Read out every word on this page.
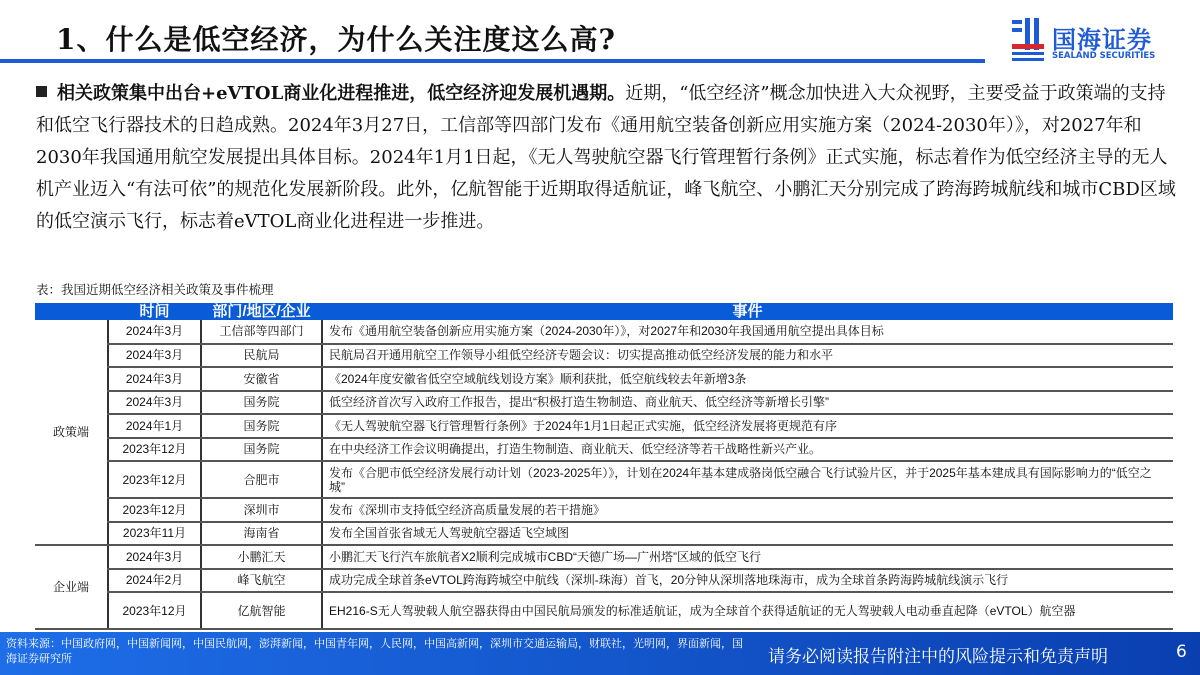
1、什么是低空经济，为什么关注度这么高?	国海证券
SEALAND SECURITIES
相关政策集中出台+eVTOL商业化进程推进，低空经济迎发展机遇期。近期，“低空经济”概念加快进入大众视野，主要受益于政策端的支持和低空飞行器技术的日趋成熟。2024年3月27日，工信部等四部门发布《通用航空装备创新应用实施方案（2024-2030年）》，对2027年和2030年我国通用航空发展提出具体目标。2024年1月1日起，《无人驾驶航空器飞行管理暂行条例》正式实施，标志着作为低空经济主导的无人机产业迈入“有法可依”的规范化发展新阶段。此外，亿航智能于近期取得适航证，峰飞航空、小鹏汇天分别完成了跨海跨城航线和城市CBD区域的低空演示飞行，标志着eVTOL商业化进程进一步推进。
表：我国近期低空经济相关政策及事件梳理
	时间	部门/地区/企业	事件
政策端	2024年3月	工信部等四部门	发布《通用航空装备创新应用实施方案（2024-2030年）》，对2027年和2030年我国通用航空提出具体目标
	2024年3月	民航局	民航局召开通用航空工作领导小组低空经济专题会议：切实提高推动低空经济发展的能力和水平
	2024年3月	安徽省	《2024年度安徽省低空空域航线划设方案》顺利获批，低空航线较去年新增3条
	2024年3月	国务院	低空经济首次写入政府工作报告，提出“积极打造生物制造、商业航天、低空经济等新增长引擎”
	2024年1月	国务院	《无人驾驶航空器飞行管理暂行条例》于2024年1月1日起正式实施，低空经济发展将更规范有序
	2023年12月	国务院	在中央经济工作会议明确提出，打造生物制造、商业航天、低空经济等若干战略性新兴产业。
	2023年12月	合肥市	发布《合肥市低空经济发展行动计划（2023-2025年）》，计划在2024年基本建成骆岗低空融合飞行试验片区，并于2025年基本建成具有国际影响力的“低空之城”
	2023年12月	深圳市	发布《深圳市支持低空经济高质量发展的若干措施》
	2023年11月	海南省	发布全国首张省域无人驾驶航空器适飞空域图
企业端	2024年3月	小鹏汇天	小鹏汇天飞行汽车旅航者X2顺利完成城市CBD“天德广场—广州塔”区域的低空飞行
	2024年2月	峰飞航空	成功完成全球首条eVTOL跨海跨城空中航线（深圳-珠海）首飞，20分钟从深圳落地珠海市，成为全球首条跨海跨城航线演示飞行
	2023年12月	亿航智能	EH216-S无人驾驶载人航空器获得由中国民航局颁发的标准适航证，成为全球首个获得适航证的无人驾驶载人电动垂直起降（eVTOL）航空器
资料来源：中国政府网，中国新闻网，中国民航网，澎湃新闻，中国青年网，人民网，中国高新网，深圳市交通运输局，财联社，光明网，界面新闻，国海证券研究所	请务必阅读报告附注中的风险提示和免责声明	6
